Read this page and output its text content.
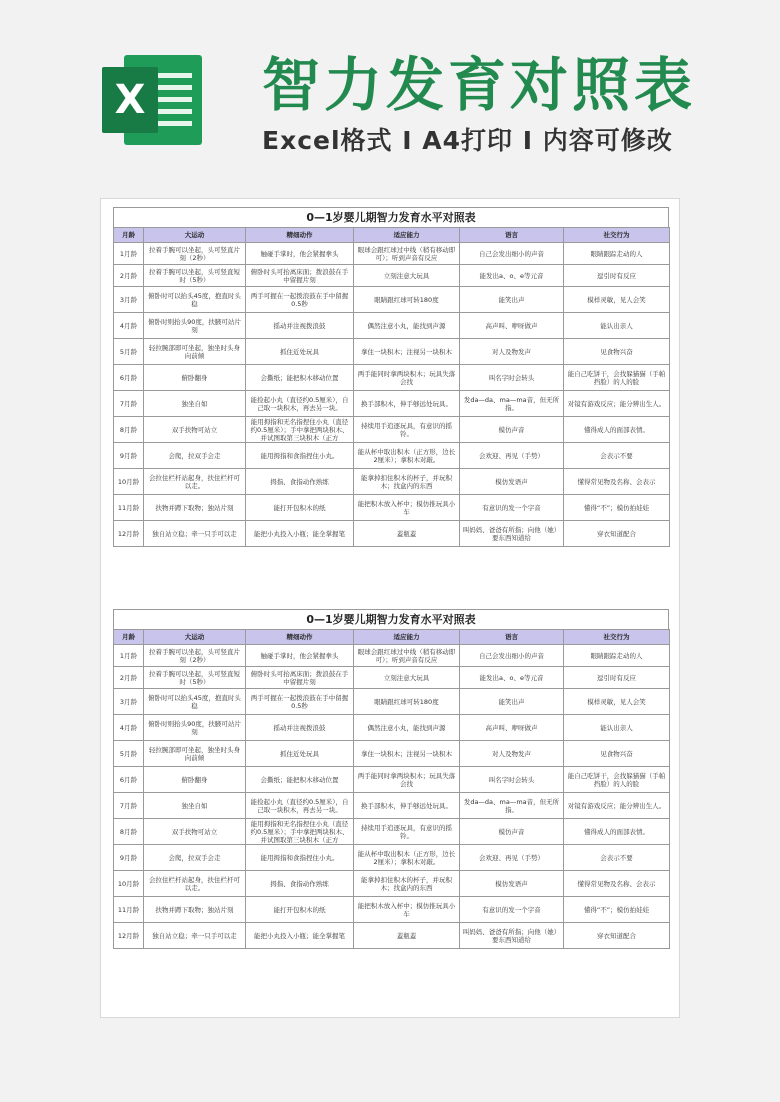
X 智力发育对照表
Excel格式 I A4打印 I 内容可修改
0—1岁婴儿期智力发育水平对照表
月龄	大运动	精细动作	适应能力	语言	社交行为
1月龄	拉着手腕可以坐起，头可竖直片刻（2秒）	触碰手掌时，他会紧握拳头	眼球会跟红球过中线（稍有移动即可）；听到声音有反应	自己会发出细小的声音	眼睛跟踪走动的人
2月龄	拉着手腕可以坐起，头可竖直短时（5秒）	俯卧时头可抬离床面；拨浪鼓在手中留握片刻	立刻注意大玩具	能发出a、o、e等元音	逗引时有反应
3月龄	俯卧时可以抬头45度，抱直时头稳	两手可握在一起拨浪鼓在手中留握0.5秒	眼睛跟红球可转180度	能笑出声	模样灵敏，见人会笑
4月龄	俯卧时则抬头90度，扶腋可站片刻	摇动并注视拨浪鼓	偶然注意小丸，能找到声源	高声叫、咿呀做声	能认出亲人
5月龄	轻拉腕部即可坐起，独坐时头身向前倾	抓住近处玩具	拿住一块积木；注视另一块积木	对人及物发声	见食物兴奋
6月龄	俯卧翻身	会撕纸；能把积木移动位置	两手能同时拿两块积木；玩具失落会找	叫名字时会转头	能自己吃饼干，会找躲猫猫（手帕挡脸）的人的脸
7月龄	独坐自如	能捡起小丸（直径约0.5厘米），自己取一块积木，再去另一块。	换手部积木，伸手够远处玩具。	发da—da、ma—ma音，但无所指。	对镜有游戏反应；能分辨出生人。
8月龄	双手扶物可站立	能用拇指和无名指捏住小丸（直径约0.5厘米）；手中拿把两块积木、并试图取第三块积木（正方	持续用手追逐玩具，有意识的摇铃。	模仿声音	懂得成人的面部表情。
9月龄	会爬，拉双手会走	能用拇指和食指捏住小丸。	能从杯中取出积木（正方形，边长2厘米）；拿积木对敲。	会欢迎、再见（手势）	会表示不要
10月龄	会拉住栏杆站起身，扶住栏杆可以走。	拇指、食指动作熟练	能拿掉扣住积木的杯子，并玩积木；找盒内的东西	模仿发语声	懂得常见物及名称、会表示
11月龄	扶物并蹲下取物；独站片刻	能打开包积木的纸	能把积木放入杯中；模仿推玩具小车	有意识的发一个字音	懂得“不”；模仿拍娃娃
12月龄	独自站立稳；牵一只手可以走	能把小丸投入小瓶；能全掌握笔	蓋瓶蓋	叫妈妈、爸爸有所指；向他（她）要东西知道给	穿衣知道配合
0—1岁婴儿期智力发育水平对照表
月龄	大运动	精细动作	适应能力	语言	社交行为
1月龄	拉着手腕可以坐起，头可竖直片刻（2秒）	触碰手掌时，他会紧握拳头	眼球会跟红球过中线（稍有移动即可）；听到声音有反应	自己会发出细小的声音	眼睛跟踪走动的人
2月龄	拉着手腕可以坐起，头可竖直短时（5秒）	俯卧时头可抬离床面；拨浪鼓在手中留握片刻	立刻注意大玩具	能发出a、o、e等元音	逗引时有反应
3月龄	俯卧时可以抬头45度，抱直时头稳	两手可握在一起拨浪鼓在手中留握0.5秒	眼睛跟红球可转180度	能笑出声	模样灵敏，见人会笑
4月龄	俯卧时则抬头90度，扶腋可站片刻	摇动并注视拨浪鼓	偶然注意小丸，能找到声源	高声叫、咿呀做声	能认出亲人
5月龄	轻拉腕部即可坐起，独坐时头身向前倾	抓住近处玩具	拿住一块积木；注视另一块积木	对人及物发声	见食物兴奋
6月龄	俯卧翻身	会撕纸；能把积木移动位置	两手能同时拿两块积木；玩具失落会找	叫名字时会转头	能自己吃饼干，会找躲猫猫（手帕挡脸）的人的脸
7月龄	独坐自如	能捡起小丸（直径约0.5厘米），自己取一块积木，再去另一块。	换手部积木，伸手够远处玩具。	发da—da、ma—ma音，但无所指。	对镜有游戏反应；能分辨出生人。
8月龄	双手扶物可站立	能用拇指和无名指捏住小丸（直径约0.5厘米）；手中拿把两块积木、并试图取第三块积木（正方	持续用手追逐玩具，有意识的摇铃。	模仿声音	懂得成人的面部表情。
9月龄	会爬，拉双手会走	能用拇指和食指捏住小丸。	能从杯中取出积木（正方形，边长2厘米）；拿积木对敲。	会欢迎、再见（手势）	会表示不要
10月龄	会拉住栏杆站起身，扶住栏杆可以走。	拇指、食指动作熟练	能拿掉扣住积木的杯子，并玩积木；找盒内的东西	模仿发语声	懂得常见物及名称、会表示
11月龄	扶物并蹲下取物；独站片刻	能打开包积木的纸	能把积木放入杯中；模仿推玩具小车	有意识的发一个字音	懂得“不”；模仿拍娃娃
12月龄	独自站立稳；牵一只手可以走	能把小丸投入小瓶；能全掌握笔	蓋瓶蓋	叫妈妈、爸爸有所指；向他（她）要东西知道给	穿衣知道配合
